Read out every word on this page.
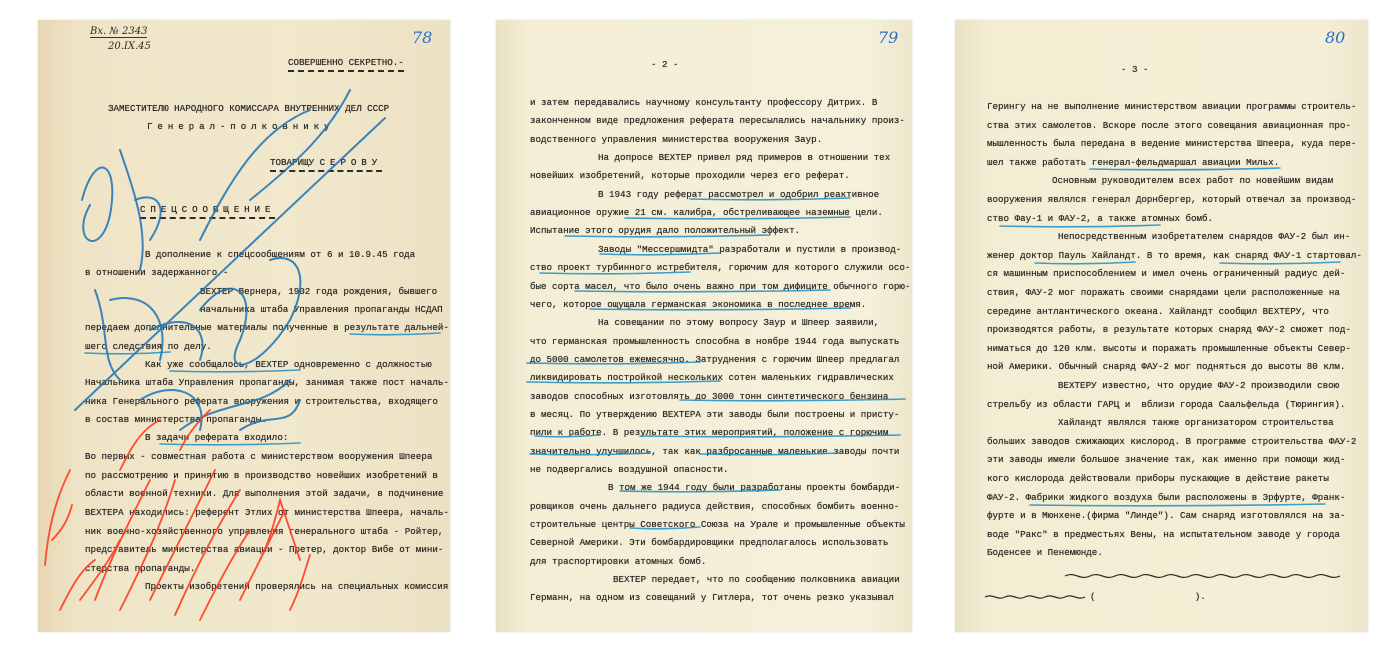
Вх. № 2343
20.IX.45	78
СОВЕРШЕННО СЕКРЕТНО.-
ЗАМЕСТИТЕЛЮ НАРОДНОГО КОМИССАРА ВНУТРЕННИХ ДЕЛ СССР
Генерал-полковнику
ТОВАРИЩУ СЕРОВУ
СПЕЦСООБЩЕНИЕ
В дополнение к спецсообщениям от 6 и 10.9.45 года
в отношении задержанного -
ВЕХТЕР Вернера, 1902 года рождения, бывшего
начальника штаба Управления пропаганды НСДАП
передаем дополнительные материалы полученные в результате дальней-
шего следствия по делу.
Как уже сообщалось, ВЕХТЕР одновременно с должностью
Начальника штаба Управления пропаганды, занимая также пост началь-
ника Генерального реферата вооружения и строительства, входящего
в состав министерства пропаганды.
В задачи реферата входило:
Во первых - совместная работа с министерством вооружения Шпеера
по рассмотрению и принятию в производство новейших изобретений в
области военной техники. Для выполнения этой задачи, в подчинение
ВЕХТЕРА находились: референт Этлих от министерства Шпеера, началь-
ник военно-хозяйственного управления генерального штаба - Ройтер,
представитель министерства авиации - Претер, доктор Вибе от мини-
стерства пропаганды.
Проекты изобретений проверялись на специальных комиссия
79
- 2 -
и затем передавались научному консультанту профессору Дитрих. В
законченном виде предложения реферата пересылались начальнику произ-
водственного управления министерства вооружения Заур.
На допросе ВЕХТЕР привел ряд примеров в отношении тех
новейших изобретений, которые проходили через его реферат.
В 1943 году реферат рассмотрел и одобрил реактивное
авиационное оружие 21 см. калибра, обстреливающее наземные цели.
Испытание этого орудия дало положительный эффект.
Заводы "Мессершмидта" разработали и пустили в производ-
ство проект турбинного истребителя, горючим для которого служили осо-
бые сорта масел, что было очень важно при том дифиците обычного горю-
чего, которое ощущала германская экономика в последнее время.
На совещании по этому вопросу Заур и Шпеер заявили,
что германская промышленность способна в ноябре 1944 года выпускать
до 5000 самолетов ежемесячно. Затруднения с горючим Шпеер предлагал
ликвидировать постройкой нескольких сотен маленьких гидравлических
заводов способных изготовлять до 3000 тонн синтетического бензина
в месяц. По утверждению ВЕХТЕРА эти заводы были построены и присту-
пили к работе. В результате этих мероприятий, положение с горючим
значительно улучшилось, так как разбросанные маленькие заводы почти
не подвергались воздушной опасности.
В том же 1944 году были разработаны проекты бомбарди-
ровщиков очень дальнего радиуса действия, способных бомбить военно-
строительные центры Советского Союза на Урале и промышленные объекты
Северной Америки. Эти бомбардировщики предполагалось использовать
для траспортировки атомных бомб.
ВЕХТЕР передает, что по сообщению полковника авиации
Германн, на одном из совещаний у Гитлера, тот очень резко указывал
80
- 3 -
Герингу на не выполнение министерством авиации программы строитель-
ства этих самолетов. Вскоре после этого совещания авиационная про-
мышленность была передана в ведение министерства Шпеера, куда пере-
шел также работать генерал-фельдмаршал авиации Мильх.
Основным руководителем всех работ по новейшим видам
вооружения являлся генерал Дорнбергер, который отвечал за производ-
ство Фау-1 и ФАУ-2, а также атомных бомб.
Непосредственным изобретателем снарядов ФАУ-2 был ин-
женер доктор Пауль Хайландт. В то время, как снаряд ФАУ-1 стартовал-
ся машинным приспособлением и имел очень ограниченный радиус дей-
ствия, ФАУ-2 мог поражать своими снарядами цели расположенные на
середине антлантического океана. Хайландт сообщил ВЕХТЕРУ, что
производятся работы, в результате которых снаряд ФАУ-2 сможет под-
ниматься до 120 клм. высоты и поражать промышленные объекты Север-
ной Америки. Обычный снаряд ФАУ-2 мог подняться до высоты 80 клм.
ВЕХТЕРУ известно, что орудие ФАУ-2 производили свою
стрельбу из области ГАРЦ и  вблизи города Саальфельда (Тюрингия).
Хайландт являлся также организатором строительства
больших заводов сжижающих кислород. В программе строительства ФАУ-2
эти заводы имели большое значение так, как именно при помощи жид-
кого кислорода действовали приборы пускающие в действие ракеты
ФАУ-2. Фабрики жидкого воздуха были расположены в Эрфурте, Франк-
фурте и в Мюнхене.(фирма "Линде"). Сам снаряд изготовлялся на за-
воде "Ракс" в предместьях Вены, на испытательном заводе у города
Боденсее и Пенемюнде.
(                  ).
